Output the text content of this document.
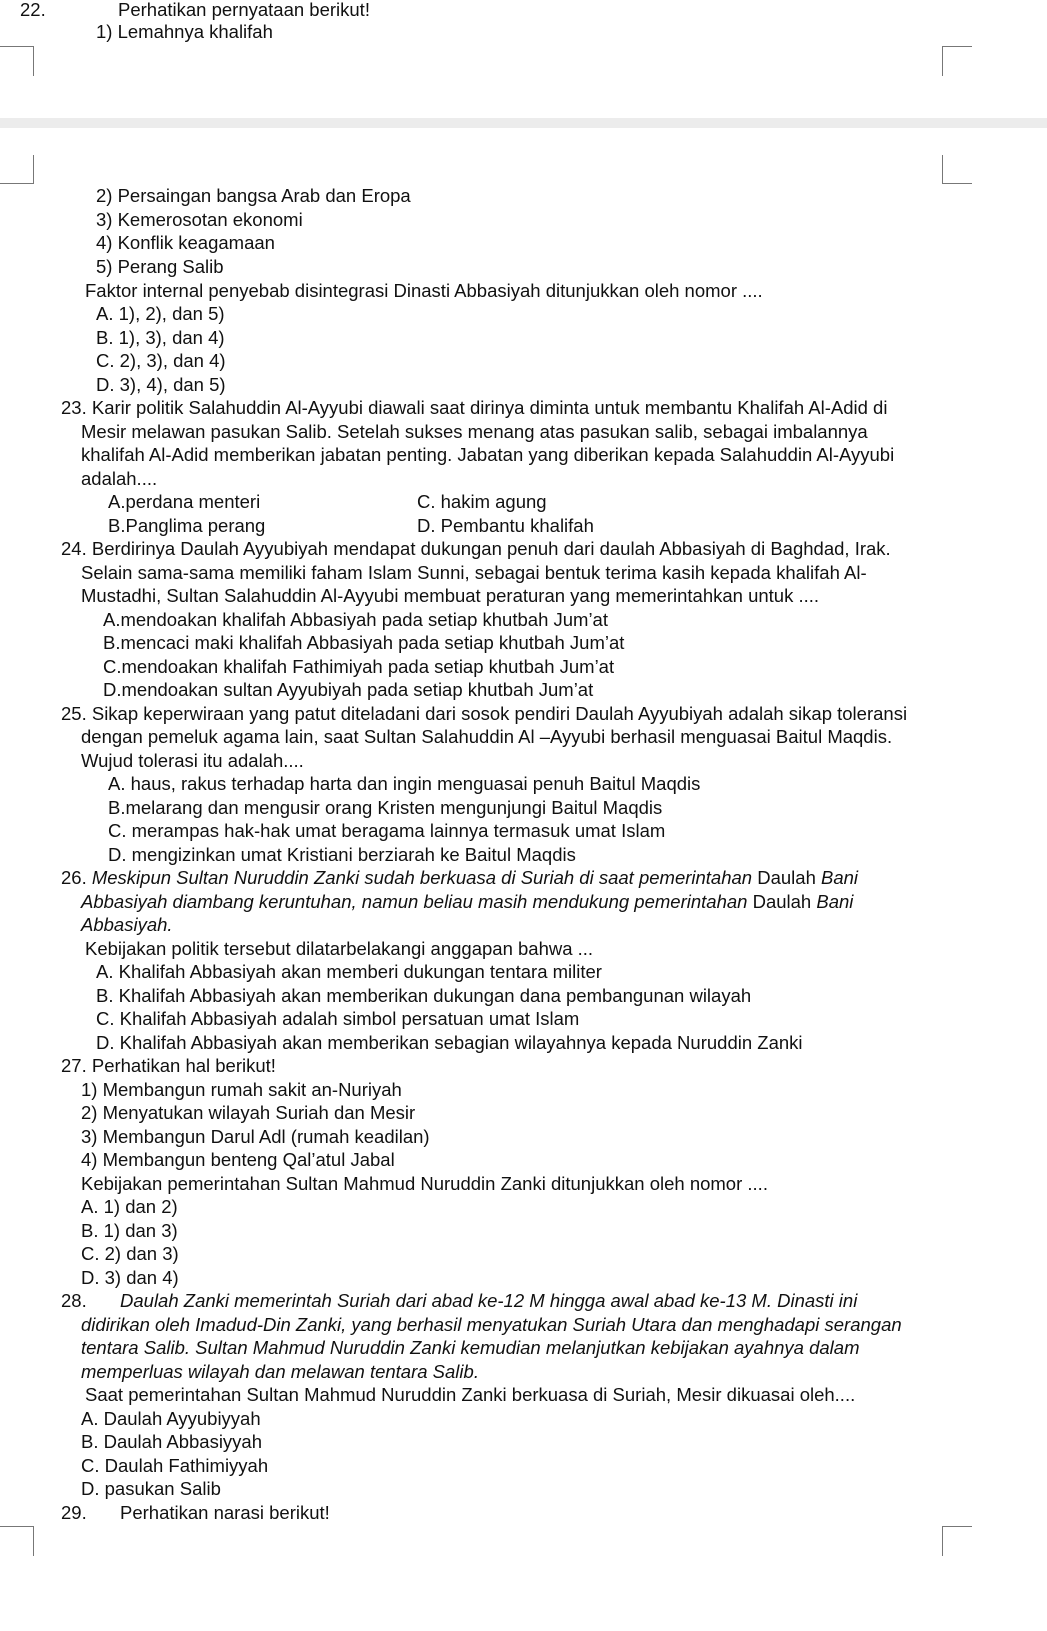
22.	Perhatikan pernyataan berikut!
1) Lemahnya khalifah
2) Persaingan bangsa Arab dan Eropa
3) Kemerosotan ekonomi
4) Konflik keagamaan
5) Perang Salib
Faktor internal penyebab disintegrasi Dinasti Abbasiyah ditunjukkan oleh nomor ....
A. 1), 2), dan 5)
B. 1), 3), dan 4)
C. 2), 3), dan 4)
D. 3), 4), dan 5)
23. Karir politik Salahuddin Al-Ayyubi diawali saat dirinya diminta untuk membantu Khalifah Al-Adid di
Mesir melawan pasukan Salib. Setelah sukses menang atas pasukan salib, sebagai imbalannya
khalifah Al-Adid memberikan jabatan penting. Jabatan yang diberikan kepada Salahuddin Al-Ayyubi
adalah....
A.perdana menteri	C. hakim agung
B.Panglima perang	D. Pembantu khalifah
24. Berdirinya Daulah Ayyubiyah mendapat dukungan penuh dari daulah Abbasiyah di Baghdad, Irak.
Selain sama-sama memiliki faham Islam Sunni, sebagai bentuk terima kasih kepada khalifah Al-
Mustadhi, Sultan Salahuddin Al-Ayyubi membuat peraturan yang memerintahkan untuk ....
A.mendoakan khalifah Abbasiyah pada setiap khutbah Jum’at
B.mencaci maki khalifah Abbasiyah pada setiap khutbah Jum’at
C.mendoakan khalifah Fathimiyah pada setiap khutbah Jum’at
D.mendoakan sultan Ayyubiyah pada setiap khutbah Jum’at
25. Sikap keperwiraan yang patut diteladani dari sosok pendiri Daulah Ayyubiyah adalah sikap toleransi
dengan pemeluk agama lain, saat Sultan Salahuddin Al –Ayyubi berhasil menguasai Baitul Maqdis.
Wujud tolerasi itu adalah....
A. haus, rakus terhadap harta dan ingin menguasai penuh Baitul Maqdis
B.melarang dan mengusir orang Kristen mengunjungi Baitul Maqdis
C. merampas hak-hak umat beragama lainnya termasuk umat Islam
D. mengizinkan umat Kristiani berziarah ke Baitul Maqdis
26. Meskipun Sultan Nuruddin Zanki sudah berkuasa di Suriah di saat pemerintahan Daulah Bani
Abbasiyah diambang keruntuhan, namun beliau masih mendukung pemerintahan Daulah Bani
Abbasiyah.
Kebijakan politik tersebut dilatarbelakangi anggapan bahwa ...
A. Khalifah Abbasiyah akan memberi dukungan tentara militer
B. Khalifah Abbasiyah akan memberikan dukungan dana pembangunan wilayah
C. Khalifah Abbasiyah adalah simbol persatuan umat Islam
D. Khalifah Abbasiyah akan memberikan sebagian wilayahnya kepada Nuruddin Zanki
27. Perhatikan hal berikut!
1) Membangun rumah sakit an-Nuriyah
2) Menyatukan wilayah Suriah dan Mesir
3) Membangun Darul Adl (rumah keadilan)
4) Membangun benteng Qal’atul Jabal
Kebijakan pemerintahan Sultan Mahmud Nuruddin Zanki ditunjukkan oleh nomor ....
A. 1) dan 2)
B. 1) dan 3)
C. 2) dan 3)
D. 3) dan 4)
28. Daulah Zanki memerintah Suriah dari abad ke-12 M hingga awal abad ke-13 M. Dinasti ini
didirikan oleh Imadud-Din Zanki, yang berhasil menyatukan Suriah Utara dan menghadapi serangan
tentara Salib. Sultan Mahmud Nuruddin Zanki kemudian melanjutkan kebijakan ayahnya dalam
memperluas wilayah dan melawan tentara Salib.
Saat pemerintahan Sultan Mahmud Nuruddin Zanki berkuasa di Suriah, Mesir dikuasai oleh....
A. Daulah Ayyubiyyah
B. Daulah Abbasiyyah
C. Daulah Fathimiyyah
D. pasukan Salib
29. Perhatikan narasi berikut!
